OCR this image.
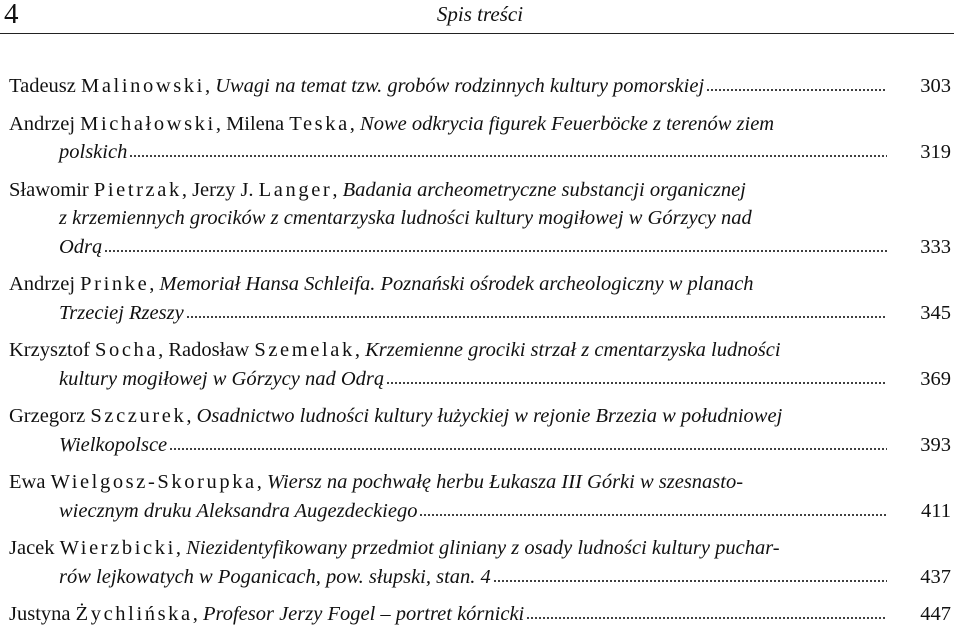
4	Spis treści
Tadeusz Malinowski, Uwagi na temat tzw. grobów rodzinnych kultury pomorskiej	303
Andrzej Michałowski, Milena Teska, Nowe odkrycia figurek Feuerböcke z terenów ziem
polskich	319
Sławomir Pietrzak, Jerzy J. Langer, Badania archeometryczne substancji organicznej
z krzemiennych grocików z cmentarzyska ludności kultury mogiłowej w Górzycy nad
Odrą	333
Andrzej Prinke, Memoriał Hansa Schleifa. Poznański ośrodek archeologiczny w planach
Trzeciej Rzeszy	345
Krzysztof Socha, Radosław Szemelak, Krzemienne grociki strzał z cmentarzyska ludności
kultury mogiłowej w Górzycy nad Odrą	369
Grzegorz Szczurek, Osadnictwo ludności kultury łużyckiej w rejonie Brzezia w południowej
Wielkopolsce	393
Ewa Wielgosz-Skorupka, Wiersz na pochwałę herbu Łukasza III Górki w szesnasto-
wiecznym druku Aleksandra Augezdeckiego	411
Jacek Wierzbicki, Niezidentyfikowany przedmiot gliniany z osady ludności kultury puchar-
rów lejkowatych w Poganicach, pow. słupski, stan. 4	437
Justyna Żychlińska, Profesor Jerzy Fogel – portret kórnicki	447
